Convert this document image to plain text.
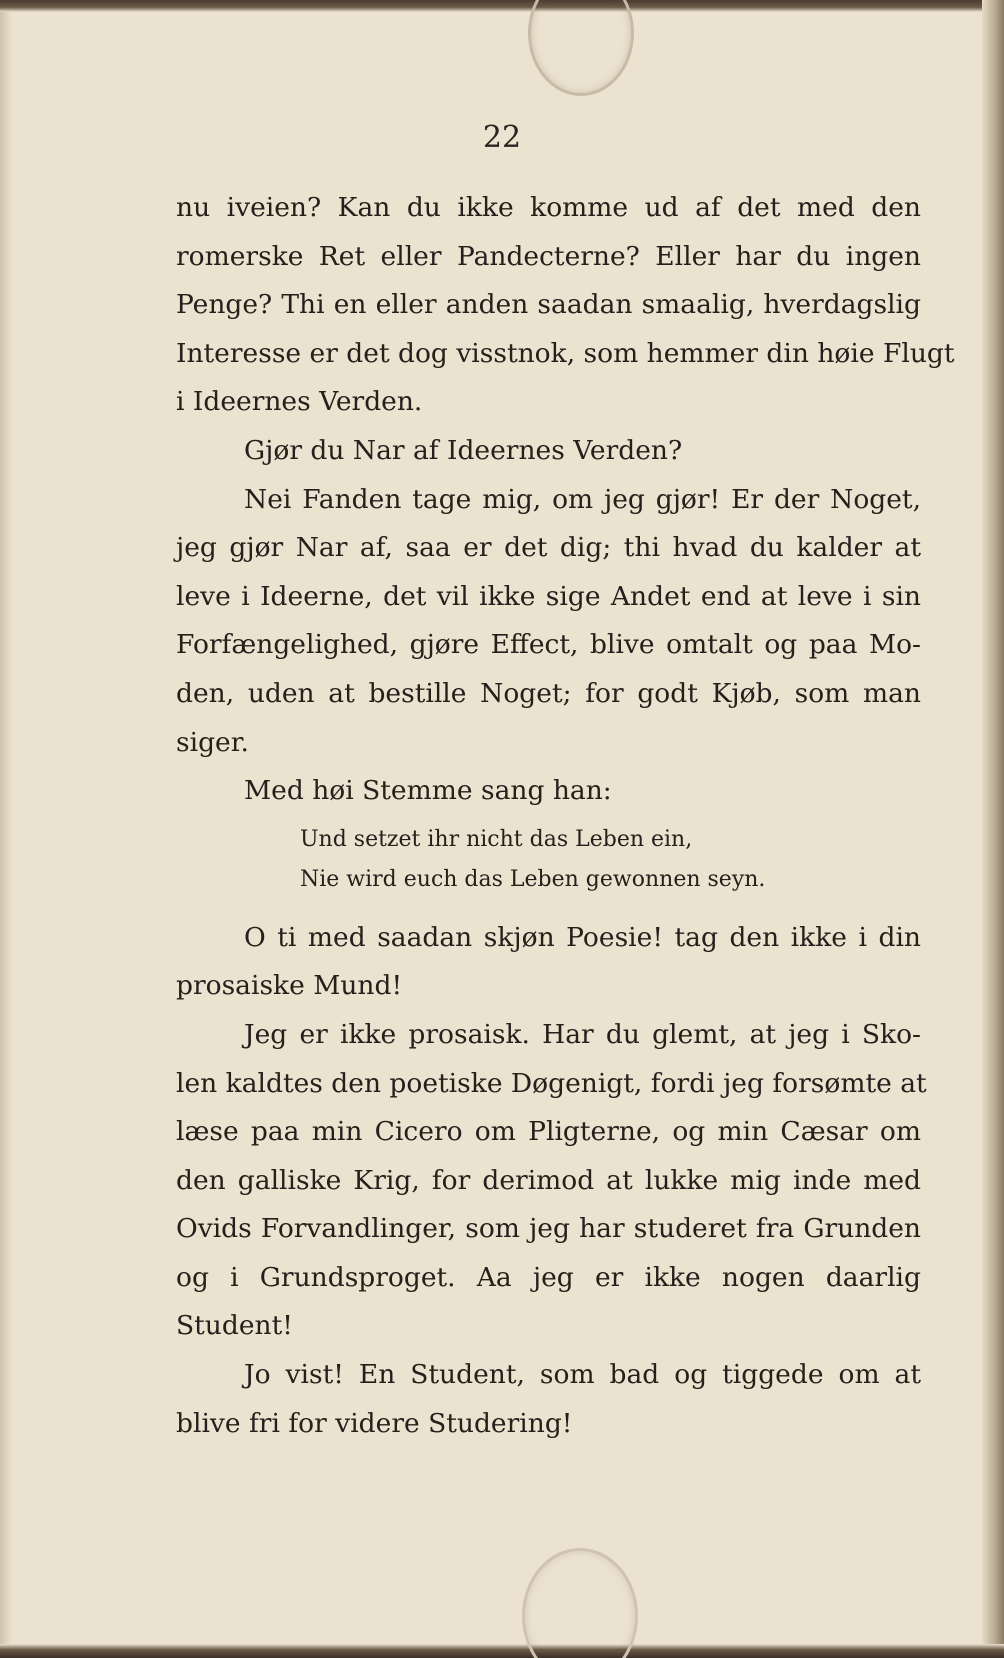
22
nu iveien? Kan du ikke komme ud af det med den
romerske Ret eller Pandecterne? Eller har du ingen
Penge? Thi en eller anden saadan smaalig, hverdagslig
Interesse er det dog visstnok, som hemmer din høie Flugt
i Ideernes Verden.
Gjør du Nar af Ideernes Verden?
Nei Fanden tage mig, om jeg gjør! Er der Noget,
jeg gjør Nar af, saa er det dig; thi hvad du kalder at
leve i Ideerne, det vil ikke sige Andet end at leve i sin
Forfængelighed, gjøre Effect, blive omtalt og paa Mo-
den, uden at bestille Noget; for godt Kjøb, som man
siger.
Med høi Stemme sang han:
Und setzet ihr nicht das Leben ein,
Nie wird euch das Leben gewonnen seyn.
O ti med saadan skjøn Poesie! tag den ikke i din
prosaiske Mund!
Jeg er ikke prosaisk. Har du glemt, at jeg i Sko-
len kaldtes den poetiske Døgenigt, fordi jeg forsømte at
læse paa min Cicero om Pligterne, og min Cæsar om
den galliske Krig, for derimod at lukke mig inde med
Ovids Forvandlinger, som jeg har studeret fra Grunden
og i Grundsproget. Aa jeg er ikke nogen daarlig
Student!
Jo vist! En Student, som bad og tiggede om at
blive fri for videre Studering!
